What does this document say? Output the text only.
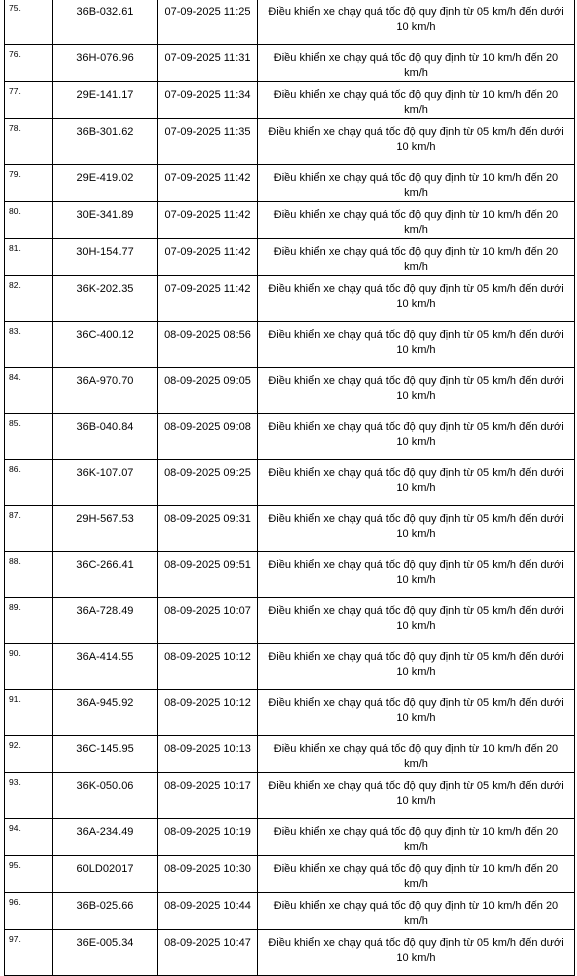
75.	36B-032.61	07-09-2025 11:25	Điều khiển xe chạy quá tốc độ quy định từ 05 km/h đến dưới 10 km/h
76.	36H-076.96	07-09-2025 11:31	Điều khiển xe chạy quá tốc độ quy định từ 10 km/h đến 20 km/h
77.	29E-141.17	07-09-2025 11:34	Điều khiển xe chạy quá tốc độ quy định từ 10 km/h đến 20 km/h
78.	36B-301.62	07-09-2025 11:35	Điều khiển xe chạy quá tốc độ quy định từ 05 km/h đến dưới 10 km/h
79.	29E-419.02	07-09-2025 11:42	Điều khiển xe chạy quá tốc độ quy định từ 10 km/h đến 20 km/h
80.	30E-341.89	07-09-2025 11:42	Điều khiển xe chạy quá tốc độ quy định từ 10 km/h đến 20 km/h
81.	30H-154.77	07-09-2025 11:42	Điều khiển xe chạy quá tốc độ quy định từ 10 km/h đến 20 km/h
82.	36K-202.35	07-09-2025 11:42	Điều khiển xe chạy quá tốc độ quy định từ 05 km/h đến dưới 10 km/h
83.	36C-400.12	08-09-2025 08:56	Điều khiển xe chạy quá tốc độ quy định từ 05 km/h đến dưới 10 km/h
84.	36A-970.70	08-09-2025 09:05	Điều khiển xe chạy quá tốc độ quy định từ 05 km/h đến dưới 10 km/h
85.	36B-040.84	08-09-2025 09:08	Điều khiển xe chạy quá tốc độ quy định từ 05 km/h đến dưới 10 km/h
86.	36K-107.07	08-09-2025 09:25	Điều khiển xe chạy quá tốc độ quy định từ 05 km/h đến dưới 10 km/h
87.	29H-567.53	08-09-2025 09:31	Điều khiển xe chạy quá tốc độ quy định từ 05 km/h đến dưới 10 km/h
88.	36C-266.41	08-09-2025 09:51	Điều khiển xe chạy quá tốc độ quy định từ 05 km/h đến dưới 10 km/h
89.	36A-728.49	08-09-2025 10:07	Điều khiển xe chạy quá tốc độ quy định từ 05 km/h đến dưới 10 km/h
90.	36A-414.55	08-09-2025 10:12	Điều khiển xe chạy quá tốc độ quy định từ 05 km/h đến dưới 10 km/h
91.	36A-945.92	08-09-2025 10:12	Điều khiển xe chạy quá tốc độ quy định từ 05 km/h đến dưới 10 km/h
92.	36C-145.95	08-09-2025 10:13	Điều khiển xe chạy quá tốc độ quy định từ 10 km/h đến 20 km/h
93.	36K-050.06	08-09-2025 10:17	Điều khiển xe chạy quá tốc độ quy định từ 05 km/h đến dưới 10 km/h
94.	36A-234.49	08-09-2025 10:19	Điều khiển xe chạy quá tốc độ quy định từ 10 km/h đến 20 km/h
95.	60LD02017	08-09-2025 10:30	Điều khiển xe chạy quá tốc độ quy định từ 10 km/h đến 20 km/h
96.	36B-025.66	08-09-2025 10:44	Điều khiển xe chạy quá tốc độ quy định từ 10 km/h đến 20 km/h
97.	36E-005.34	08-09-2025 10:47	Điều khiển xe chạy quá tốc độ quy định từ 05 km/h đến dưới 10 km/h
